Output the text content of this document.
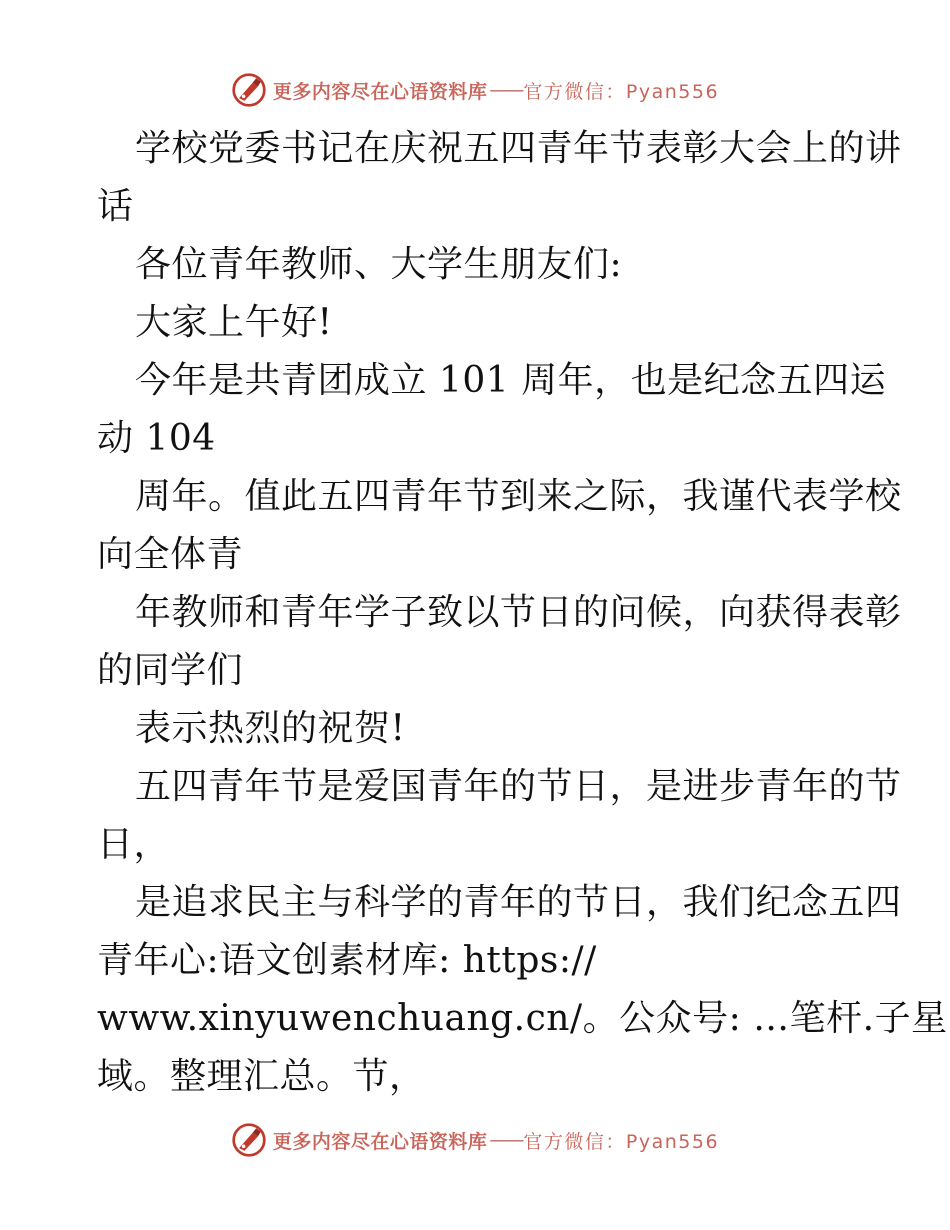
更多内容尽在心语资料库 —— 官方微信：Pyan556
学校党委书记在庆祝五四青年节表彰大会上的讲
话
各位青年教师、大学生朋友们:
大家上午好!
今年是共青团成立 101 周年，也是纪念五四运
动 104
周年。值此五四青年节到来之际，我谨代表学校
向全体青
年教师和青年学子致以节日的问候，向获得表彰
的同学们
表示热烈的祝贺!
五四青年节是爱国青年的节日，是进步青年的节
日，
是追求民主与科学的青年的节日，我们纪念五四
青年心:语文创素材库: https://
www.xinyuwenchuang.cn/。公众号: …笔杆.子星
域。整理汇总。节，
更多内容尽在心语资料库 —— 官方微信：Pyan556
